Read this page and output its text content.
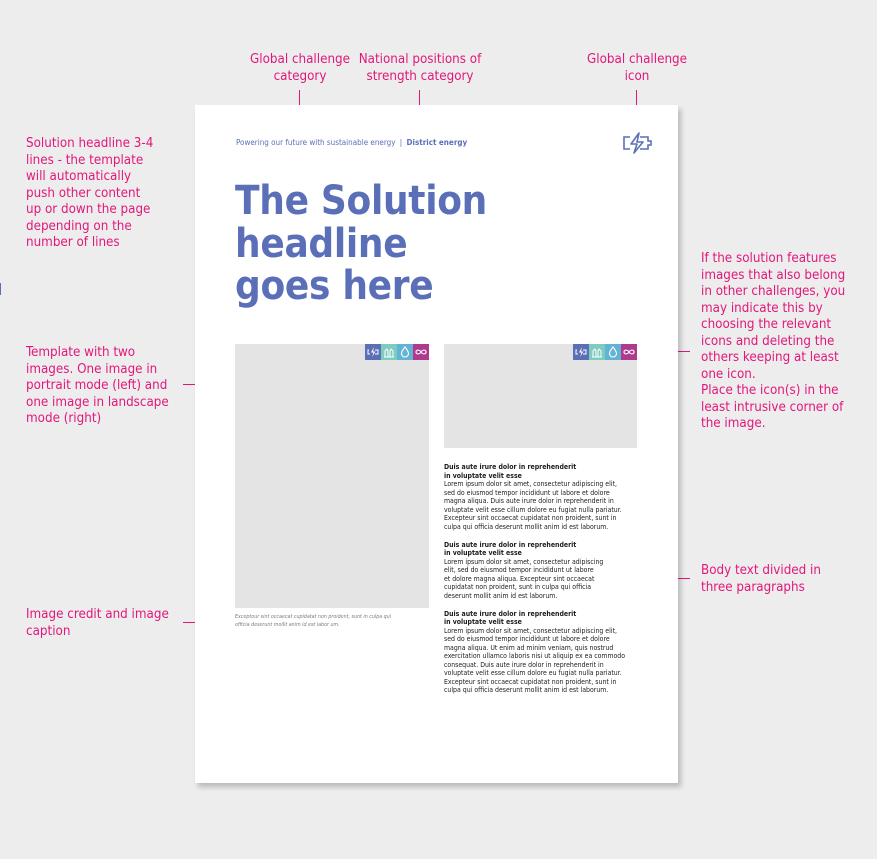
Global challenge
category
National positions of
strength category
Global challenge
icon
Solution headline 3-4
lines - the template
will automatically
push other content
up or down the page
depending on the
number of lines
Template with two
images. One image in
portrait mode (left) and
one image in landscape
mode (right)
Image credit and image
caption
If the solution features
images that also belong
in other challenges, you
may indicate this by
choosing the relevant
icons and deleting the
others keeping at least
one icon.
Place the icon(s) in the
least intrusive corner of
the image.
Body text divided in
three paragraphs
Powering our future with sustainable energy | District energy
The Solution
headline
goes here
Exceptour sint occaecat cupidatat non proident, sunt in culpa qui officia deserunt mollit anim id est labor um.
Duis aute irure dolor in reprehenderit
in voluptate velit esse

Lorem ipsum dolor sit amet, consectetur adipiscing elit,
sed do eiusmod tempor incididunt ut labore et dolore
magna aliqua. Duis aute irure dolor in reprehenderit in
voluptate velit esse cillum dolore eu fugiat nulla pariatur.
Excepteur sint occaecat cupidatat non proident, sunt in
culpa qui officia deserunt mollit anim id est laborum.

Duis aute irure dolor in reprehenderit
in voluptate velit esse

Lorem ipsum dolor sit amet, consectetur adipiscing
elit, sed do eiusmod tempor incididunt ut labore
et dolore magna aliqua. Excepteur sint occaecat
cupidatat non proident, sunt in culpa qui officia
deserunt mollit anim id est laborum.

Duis aute irure dolor in reprehenderit
in voluptate velit esse

Lorem ipsum dolor sit amet, consectetur adipiscing elit,
sed do eiusmod tempor incididunt ut labore et dolore
magna aliqua. Ut enim ad minim veniam, quis nostrud
exercitation ullamco laboris nisi ut aliquip ex ea commodo
consequat. Duis aute irure dolor in reprehenderit in
voluptate velit esse cillum dolore eu fugiat nulla pariatur.
Excepteur sint occaecat cupidatat non proident, sunt in
culpa qui officia deserunt mollit anim id est laborum.
